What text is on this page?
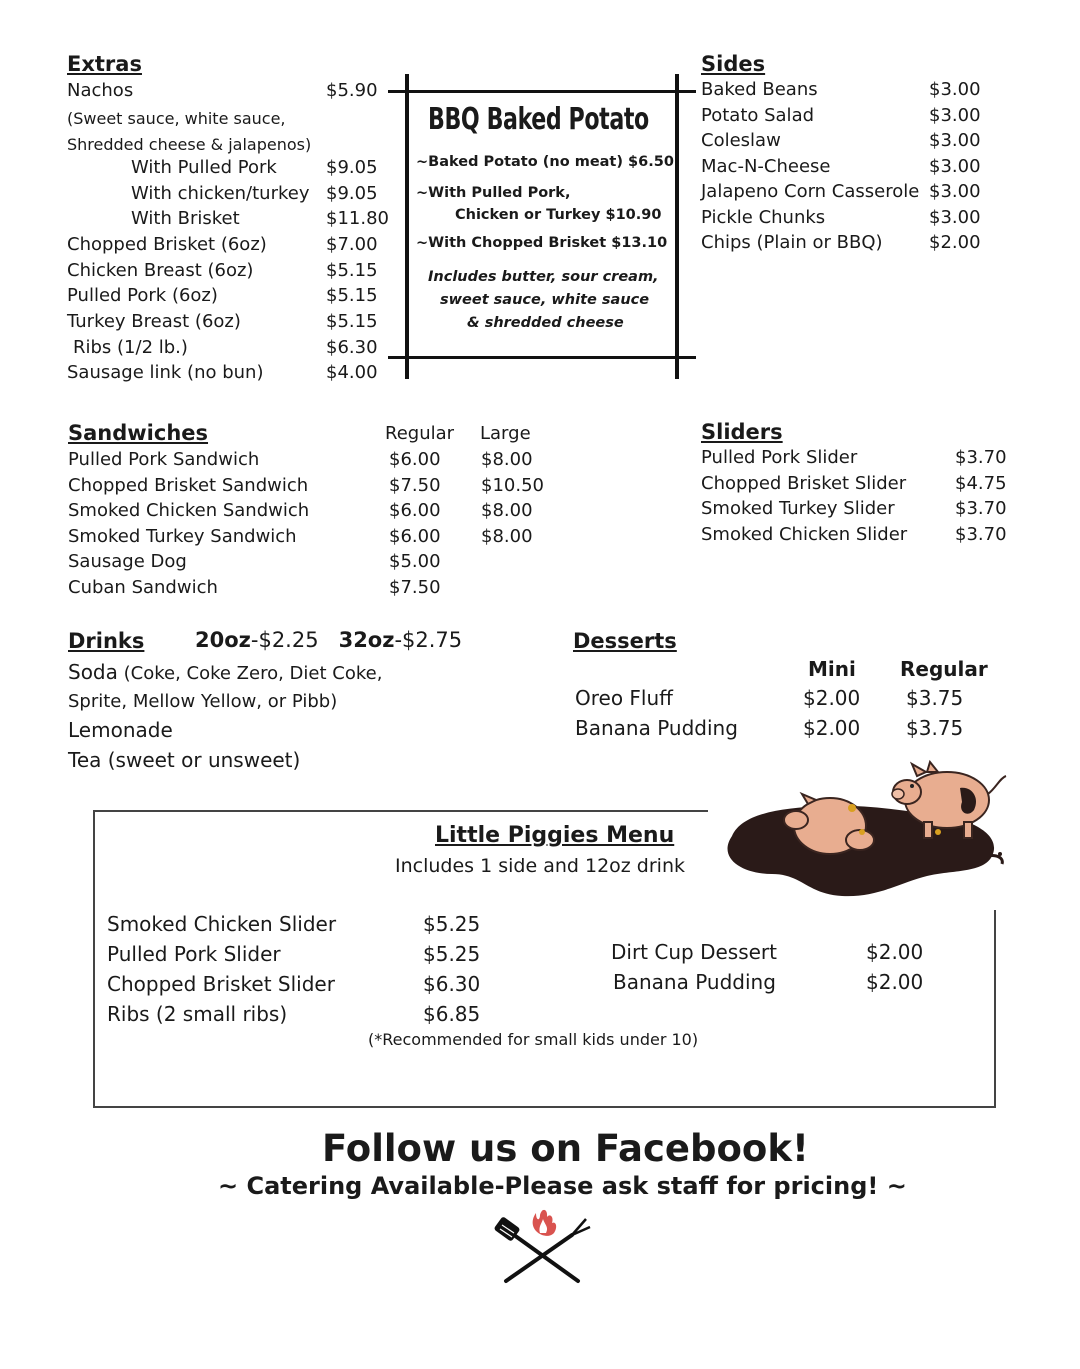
Extras
Nachos	$5.90
(Sweet sauce, white sauce,
Shredded cheese & jalapenos)
With Pulled Pork	$9.05
With chicken/turkey $9.05
With Brisket	$11.80
Chopped Brisket (6oz)	$7.00
Chicken Breast (6oz)	$5.15
Pulled Pork (6oz)	$5.15
Turkey Breast (6oz)	$5.15
Ribs (1/2 lb.)	$6.30
Sausage link (no bun)	$4.00
BBQ Baked Potato
~Baked Potato (no meat) $6.50
~With Pulled Pork,
Chicken or Turkey $10.90
~With Chopped Brisket $13.10
Includes butter, sour cream,
sweet sauce, white sauce
& shredded cheese
Sides
Baked Beans	$3.00
Potato Salad	$3.00
Coleslaw	$3.00
Mac-N-Cheese	$3.00
Jalapeno Corn Casserole $3.00
Pickle Chunks	$3.00
Chips (Plain or BBQ)	$2.00
Sandwiches	Regular Large
Pulled Pork Sandwich	$6.00 $8.00
Chopped Brisket Sandwich	$7.50 $10.50
Smoked Chicken Sandwich	$6.00 $8.00
Smoked Turkey Sandwich	$6.00 $8.00
Sausage Dog	$5.00
Cuban Sandwich	$7.50
Sliders
Pulled Pork Slider	$3.70
Chopped Brisket Slider	$4.75
Smoked Turkey Slider	$3.70
Smoked Chicken Slider	$3.70
Drinks 20oz-$2.25 32oz-$2.75
Soda (Coke, Coke Zero, Diet Coke,
Sprite, Mellow Yellow, or Pibb)
Lemonade
Tea (sweet or unsweet)
Desserts
Mini Regular
Oreo Fluff	$2.00 $3.75
Banana Pudding	$2.00 $3.75
Little Piggies Menu
Includes 1 side and 12oz drink
Smoked Chicken Slider	$5.25
Pulled Pork Slider	$5.25
Chopped Brisket Slider	$6.30
Ribs (2 small ribs)	$6.85
Dirt Cup Dessert	$2.00
Banana Pudding	$2.00
(*Recommended for small kids under 10)
Follow us on Facebook!
~ Catering Available-Please ask staff for pricing! ~
